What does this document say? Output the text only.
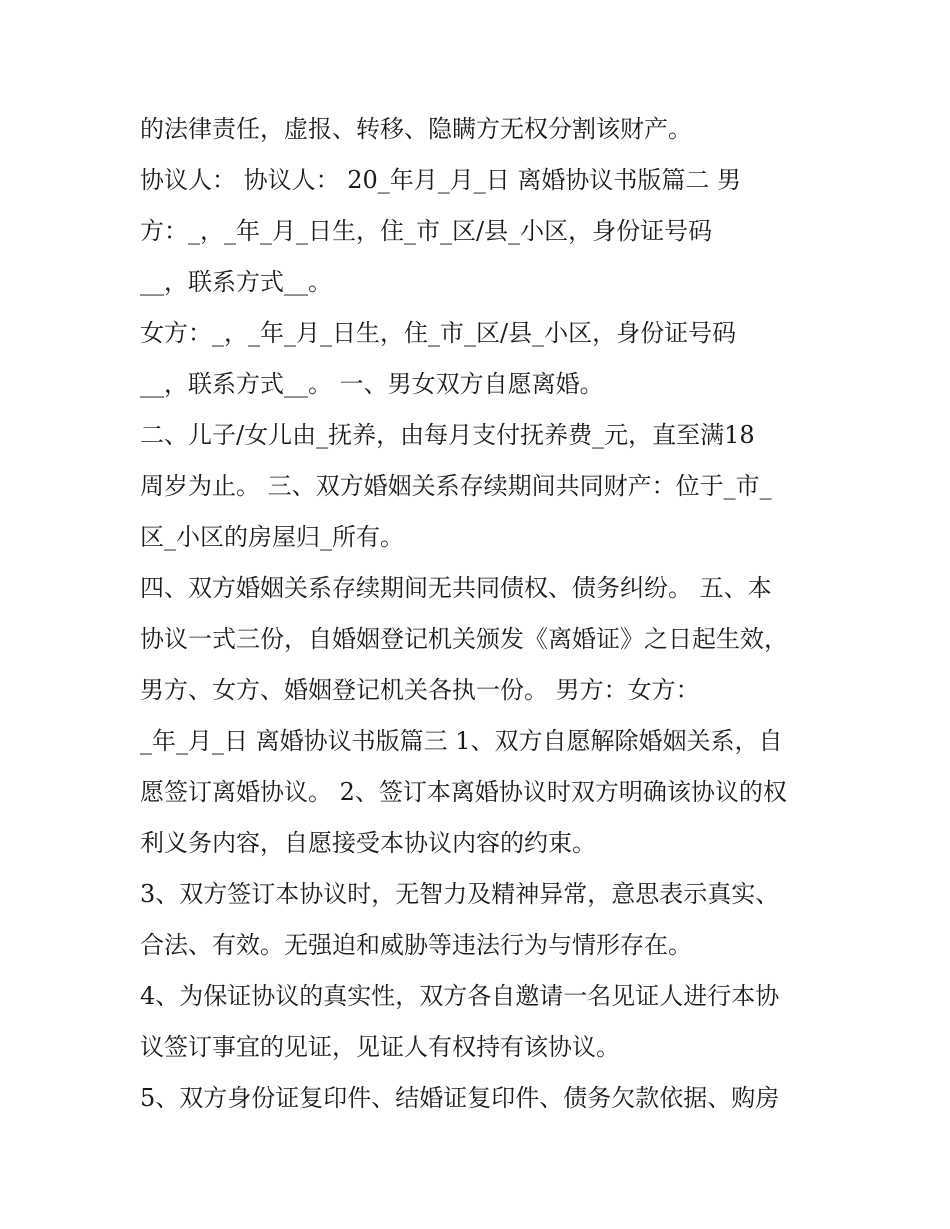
的法律责任，虚报、转移、隐瞒方无权分割该财产。
协议人： 协议人： 20_年月_月_日 离婚协议书版篇二 男
方：_，_年_月_日生，住_市_区/县_小区，身份证号码
__，联系方式__。
女方：_，_年_月_日生，住_市_区/县_小区，身份证号码
__，联系方式__。 一、男女双方自愿离婚。
二、儿子/女儿由_抚养，由每月支付抚养费_元，直至满18
周岁为止。 三、双方婚姻关系存续期间共同财产：位于_市_
区_小区的房屋归_所有。
四、双方婚姻关系存续期间无共同债权、债务纠纷。 五、本
协议一式三份，自婚姻登记机关颁发《离婚证》之日起生效，
男方、女方、婚姻登记机关各执一份。 男方：女方：
_年_月_日 离婚协议书版篇三 1、双方自愿解除婚姻关系，自
愿签订离婚协议。 2、签订本离婚协议时双方明确该协议的权
利义务内容，自愿接受本协议内容的约束。
3、双方签订本协议时，无智力及精神异常，意思表示真实、
合法、有效。无强迫和威胁等违法行为与情形存在。
4、为保证协议的真实性，双方各自邀请一名见证人进行本协
议签订事宜的见证，见证人有权持有该协议。
5、双方身份证复印件、结婚证复印件、债务欠款依据、购房
